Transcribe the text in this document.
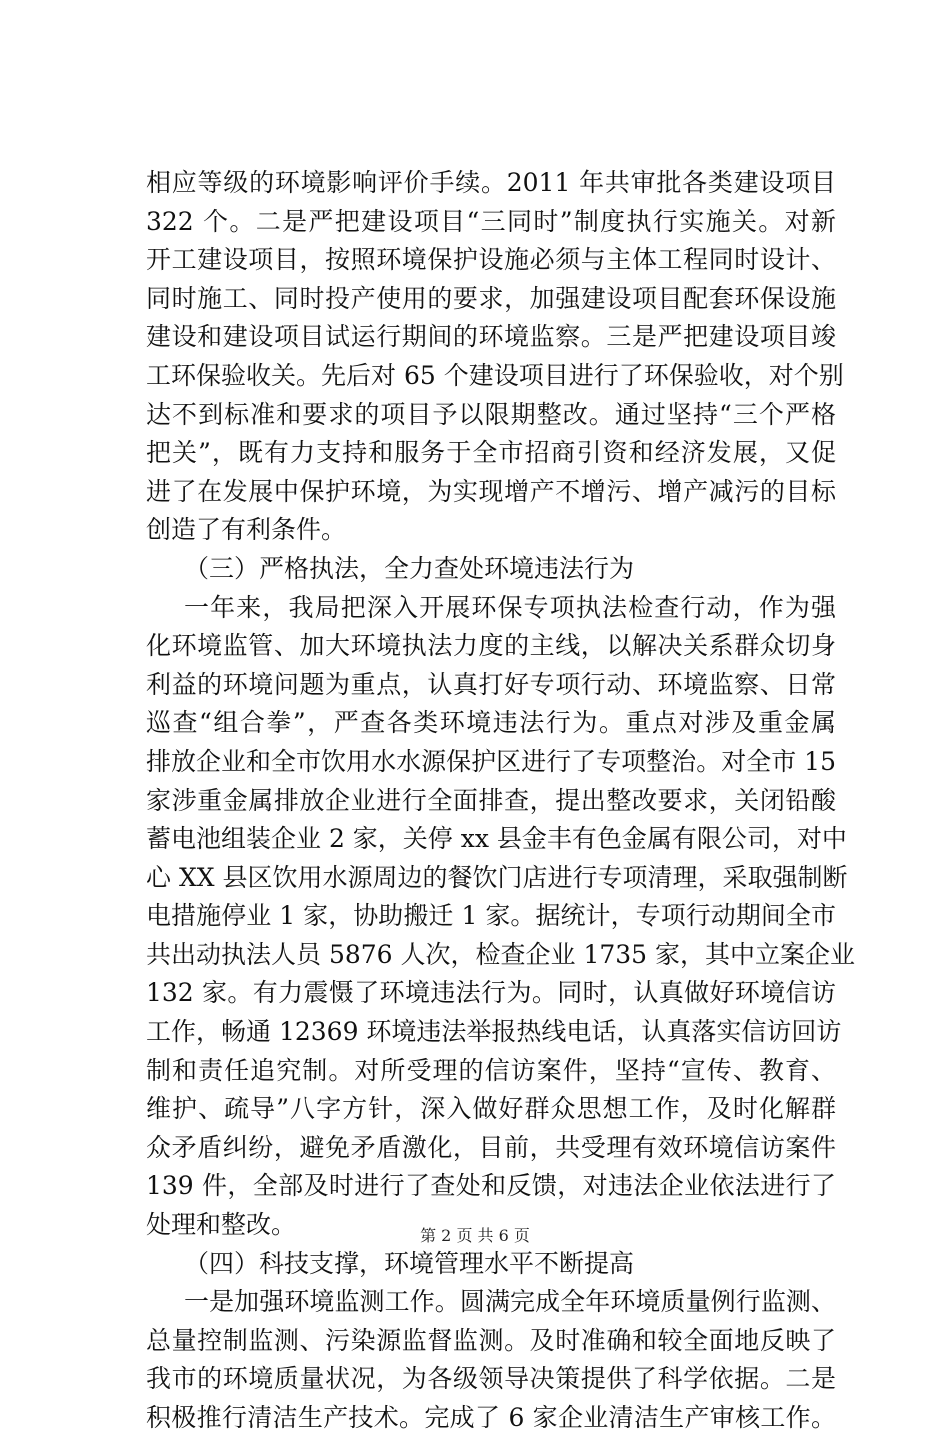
相应等级的环境影响评价手续。2011 年共审批各类建设项目
322 个。二是严把建设项目“三同时”制度执行实施关。对新
开工建设项目，按照环境保护设施必须与主体工程同时设计、
同时施工、同时投产使用的要求，加强建设项目配套环保设施
建设和建设项目试运行期间的环境监察。三是严把建设项目竣
工环保验收关。先后对 65 个建设项目进行了环保验收，对个别
达不到标准和要求的项目予以限期整改。通过坚持“三个严格
把关”，既有力支持和服务于全市招商引资和经济发展，又促
进了在发展中保护环境，为实现增产不增污、增产减污的目标
创造了有利条件。
（三）严格执法，全力查处环境违法行为
一年来，我局把深入开展环保专项执法检查行动，作为强
化环境监管、加大环境执法力度的主线，以解决关系群众切身
利益的环境问题为重点，认真打好专项行动、环境监察、日常
巡查“组合拳”，严查各类环境违法行为。重点对涉及重金属
排放企业和全市饮用水水源保护区进行了专项整治。对全市 15
家涉重金属排放企业进行全面排查，提出整改要求，关闭铅酸
蓄电池组装企业 2 家，关停 xx 县金丰有色金属有限公司，对中
心 XX 县区饮用水源周边的餐饮门店进行专项清理，采取强制断
电措施停业 1 家，协助搬迁 1 家。据统计，专项行动期间全市
共出动执法人员 5876 人次，检查企业 1735 家，其中立案企业
132 家。有力震慑了环境违法行为。同时，认真做好环境信访
工作，畅通 12369 环境违法举报热线电话，认真落实信访回访
制和责任追究制。对所受理的信访案件，坚持“宣传、教育、
维护、疏导”八字方针，深入做好群众思想工作，及时化解群
众矛盾纠纷，避免矛盾激化，目前，共受理有效环境信访案件
139 件，全部及时进行了查处和反馈，对违法企业依法进行了
处理和整改。
（四）科技支撑，环境管理水平不断提高
一是加强环境监测工作。圆满完成全年环境质量例行监测、
总量控制监测、污染源监督监测。及时准确和较全面地反映了
我市的环境质量状况，为各级领导决策提供了科学依据。二是
积极推行清洁生产技术。完成了 6 家企业清洁生产审核工作。
第 2 页 共 6 页
